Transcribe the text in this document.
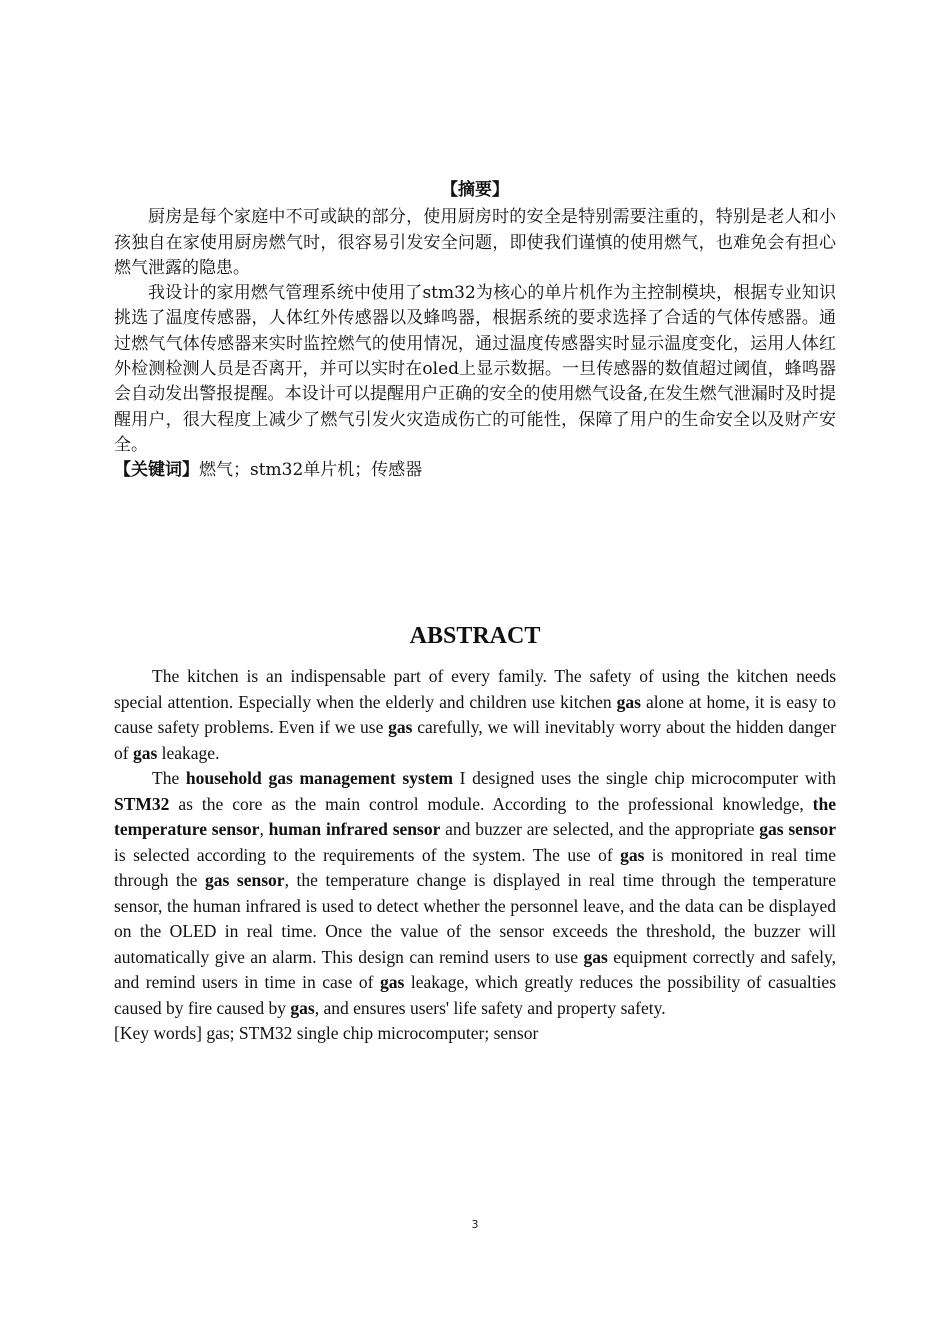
【摘要】

厨房是每个家庭中不可或缺的部分，使用厨房时的安全是特别需要注重的，特别是老人和小孩独自在家使用厨房燃气时，很容易引发安全问题，即使我们谨慎的使用燃气，也难免会有担心燃气泄露的隐患。

我设计的家用燃气管理系统中使用了stm32为核心的单片机作为主控制模块，根据专业知识挑选了温度传感器，人体红外传感器以及蜂鸣器，根据系统的要求选择了合适的气体传感器。通过燃气气体传感器来实时监控燃气的使用情况，通过温度传感器实时显示温度变化，运用人体红外检测检测人员是否离开，并可以实时在oled上显示数据。一旦传感器的数值超过阈值，蜂鸣器会自动发出警报提醒。本设计可以提醒用户正确的安全的使用燃气设备,在发生燃气泄漏时及时提醒用户，很大程度上减少了燃气引发火灾造成伤亡的可能性，保障了用户的生命安全以及财产安全。

【关键词】燃气；stm32单片机；传感器

ABSTRACT

The kitchen is an indispensable part of every family. The safety of using the kitchen needs special attention. Especially when the elderly and children use kitchen gas alone at home, it is easy to cause safety problems. Even if we use gas carefully, we will inevitably worry about the hidden danger of gas leakage.

The household gas management system I designed uses the single chip microcomputer with STM32 as the core as the main control module. According to the professional knowledge, the temperature sensor, human infrared sensor and buzzer are selected, and the appropriate gas sensor is selected according to the requirements of the system. The use of gas is monitored in real time through the gas sensor, the temperature change is displayed in real time through the temperature sensor, the human infrared is used to detect whether the personnel leave, and the data can be displayed on the OLED in real time. Once the value of the sensor exceeds the threshold, the buzzer will automatically give an alarm. This design can remind users to use gas equipment correctly and safely, and remind users in time in case of gas leakage, which greatly reduces the possibility of casualties caused by fire caused by gas, and ensures users' life safety and property safety.

[Key words] gas; STM32 single chip microcomputer; sensor

3
